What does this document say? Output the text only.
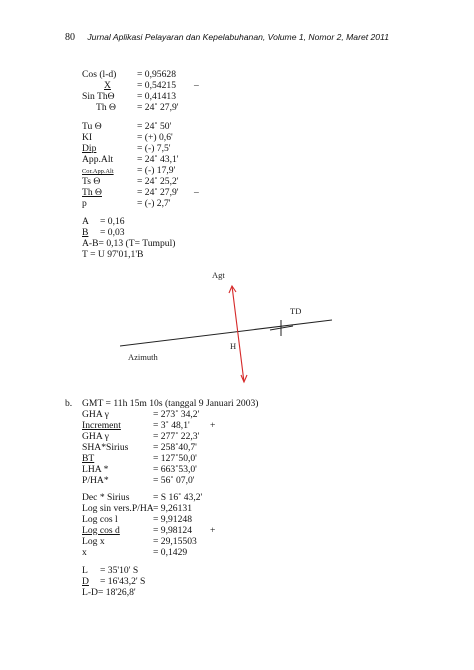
80 Jurnal Aplikasi Pelayaran dan Kepelabuhanan, Volume 1, Nomor 2, Maret 2011
Cos (l-d) = 0,95628
X	= 0,54215 –
Sin ThΘ = 0,41413
Th Θ = 24˚ 27,9'
Tu Θ	= 24˚ 50'
KI	= (+) 0,6'
Dip	= (-) 7,5'
App.Alt = 24˚ 43,1'
Cor.App.Alt = (-) 17,9'
Ts Θ	= 24˚ 25,2'
Th Θ	= 24˚ 27,9' –
p	= (-) 2,7'
A = 0,16
B = 0,03
A-B= 0,13 (T= Tumpul)
T = U 97'01,1'B
Agt
TD
H
Azimuth
b. GMT = 11h 15m 10s (tanggal 9 Januari 2003)
GHA γ	= 273˚ 34,2'
Increment	= 3˚ 48,1' +
GHA γ	= 277˚ 22,3'
SHA*Sirius	= 258˚40,7'
BT	= 127˚50,0'
LHA *	= 663˚53,0'
P/HA*	= 56˚ 07,0'
Dec * Sirius = S 16˚ 43,2'
Log sin vers.P/HA = 9,26131
Log cos l	= 9,91248
Log cos d	= 9,98124 +
Log x	= 29,15503
x	= 0,1429
L = 35'10' S
D = 16'43,2' S
L-D= 18'26,8'
